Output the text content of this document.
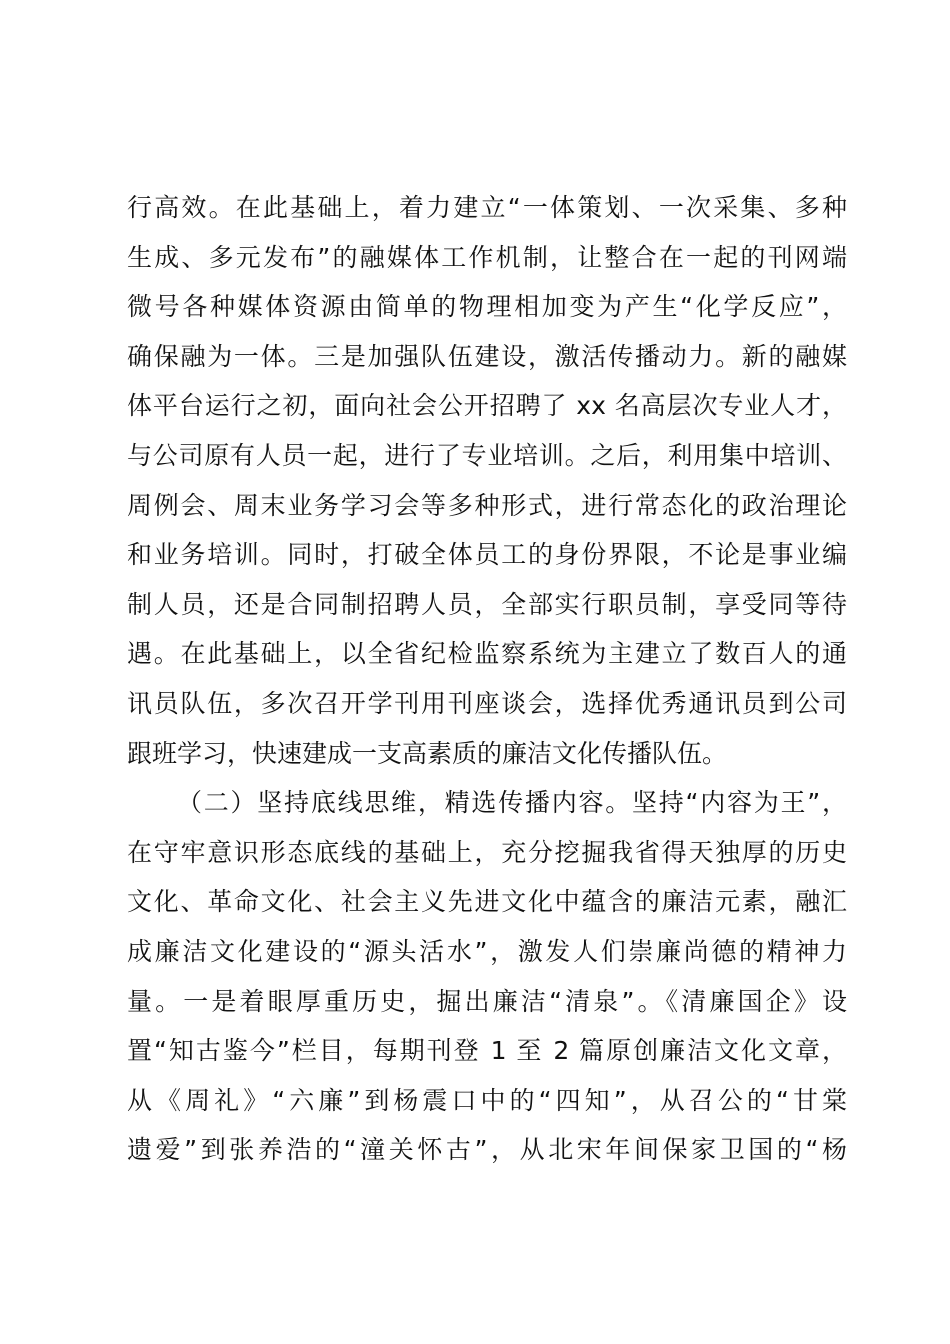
行高效。在此基础上，着力建立“一体策划、一次采集、多种
生成、多元发布”的融媒体工作机制，让整合在一起的刊网端
微号各种媒体资源由简单的物理相加变为产生“化学反应”，
确保融为一体。三是加强队伍建设，激活传播动力。新的融媒
体平台运行之初，面向社会公开招聘了 xx 名高层次专业人才，
与公司原有人员一起，进行了专业培训。之后，利用集中培训、
周例会、周末业务学习会等多种形式，进行常态化的政治理论
和业务培训。同时，打破全体员工的身份界限，不论是事业编
制人员，还是合同制招聘人员，全部实行职员制，享受同等待
遇。在此基础上，以全省纪检监察系统为主建立了数百人的通
讯员队伍，多次召开学刊用刊座谈会，选择优秀通讯员到公司
跟班学习，快速建成一支高素质的廉洁文化传播队伍。
（二）坚持底线思维，精选传播内容。坚持“内容为王”，
在守牢意识形态底线的基础上，充分挖掘我省得天独厚的历史
文化、革命文化、社会主义先进文化中蕴含的廉洁元素，融汇
成廉洁文化建设的“源头活水”，激发人们崇廉尚德的精神力
量。一是着眼厚重历史，掘出廉洁“清泉”。《清廉国企》设
置“知古鉴今”栏目，每期刊登 1 至 2 篇原创廉洁文化文章，
从《周礼》“六廉”到杨震口中的“四知”，从召公的“甘棠
遗爱”到张养浩的“潼关怀古”，从北宋年间保家卫国的“杨
